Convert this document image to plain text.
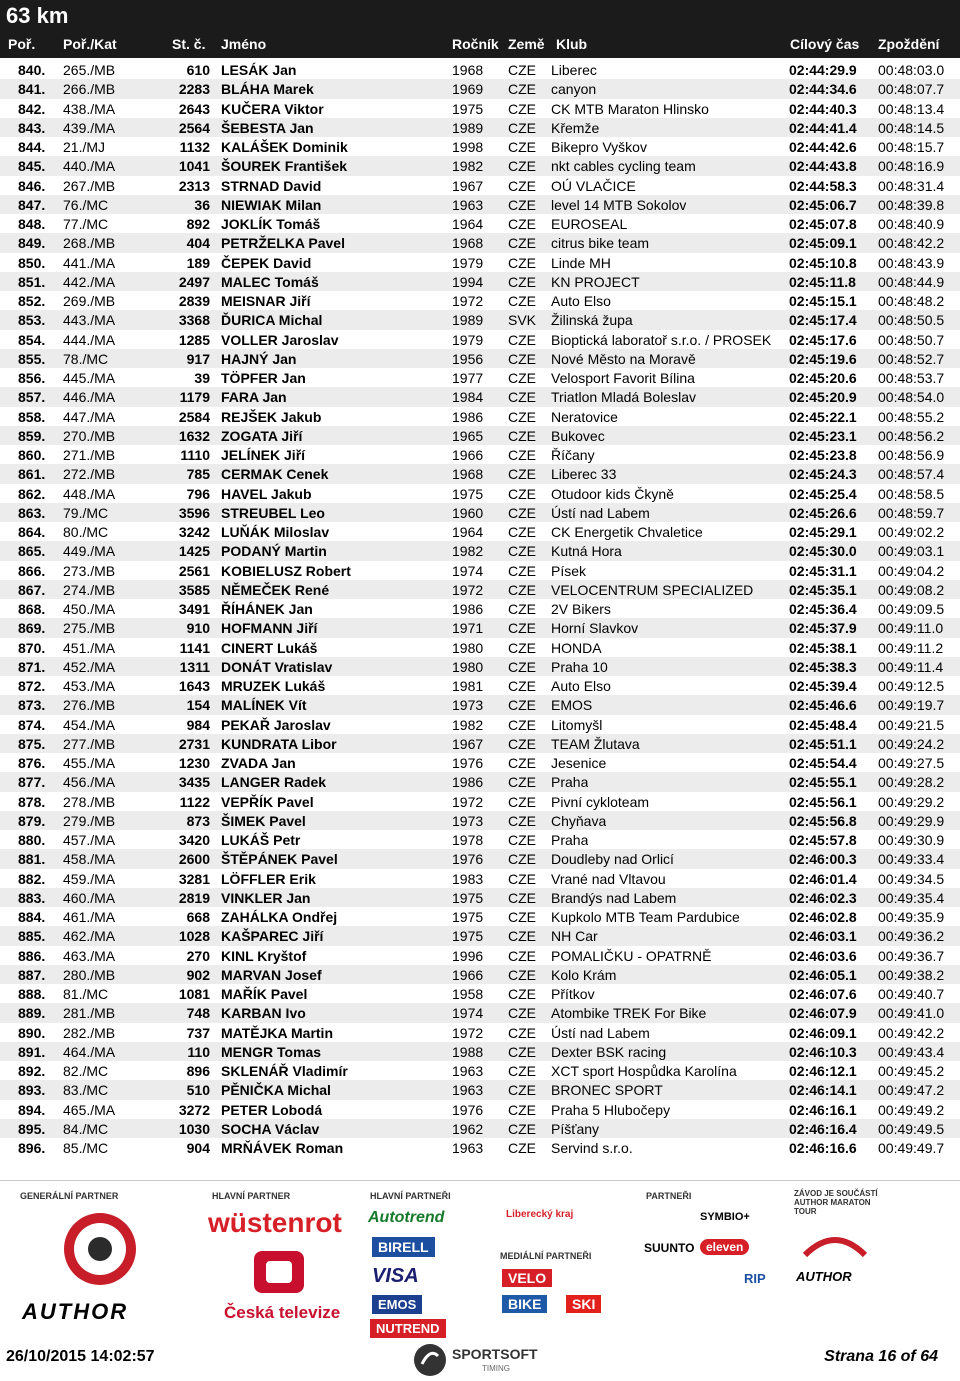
63 km
Poř. Poř./Kat	St. č. Jméno	Ročník Země Klub	Cílový čas Zpoždění
840. 265./MB	610 LESÁK Jan	1968 CZE Liberec	02:44:29.9 00:48:03.0
841. 266./MB	2283 BLÁHA Marek	1969 CZE canyon	02:44:34.6 00:48:07.7
842. 438./MA	2643 KUČERA Viktor	1975 CZE CK MTB Maraton Hlinsko	02:44:40.3 00:48:13.4
843. 439./MA	2564 ŠEBESTA Jan	1989 CZE Křemže	02:44:41.4 00:48:14.5
844. 21./MJ	1132 KALÁŠEK Dominik	1998 CZE Bikepro Vyškov	02:44:42.6 00:48:15.7
845. 440./MA	1041 ŠOUREK František	1982 CZE nkt cables cycling team	02:44:43.8 00:48:16.9
846. 267./MB	2313 STRNAD David	1967 CZE OÚ VLAČICE	02:44:58.3 00:48:31.4
847. 76./MC	36 NIEWIAK Milan	1963 CZE level 14 MTB Sokolov	02:45:06.7 00:48:39.8
848. 77./MC	892 JOKLÍK Tomáš	1964 CZE EUROSEAL	02:45:07.8 00:48:40.9
849. 268./MB	404 PETRŽELKA Pavel	1968 CZE citrus bike team	02:45:09.1 00:48:42.2
850. 441./MA	189 ČEPEK David	1979 CZE Linde MH	02:45:10.8 00:48:43.9
851. 442./MA	2497 MALEC Tomáš	1994 CZE KN PROJECT	02:45:11.8 00:48:44.9
852. 269./MB	2839 MEISNAR Jiří	1972 CZE Auto Elso	02:45:15.1 00:48:48.2
853. 443./MA	3368 ĎURICA Michal	1989 SVK Žilinská župa	02:45:17.4 00:48:50.5
854. 444./MA	1285 VOLLER Jaroslav	1979 CZE Bioptická laboratoř s.r.o. / PROSEK 02:45:17.6 00:48:50.7
855. 78./MC	917 HAJNÝ Jan	1956 CZE Nové Město na Moravě	02:45:19.6 00:48:52.7
856. 445./MA	39 TÖPFER Jan	1977 CZE Velosport Favorit Bílina	02:45:20.6 00:48:53.7
857. 446./MA	1179 FARA Jan	1984 CZE Triatlon Mladá Boleslav	02:45:20.9 00:48:54.0
858. 447./MA	2584 REJŠEK Jakub	1986 CZE Neratovice	02:45:22.1 00:48:55.2
859. 270./MB	1632 ZOGATA Jiří	1965 CZE Bukovec	02:45:23.1 00:48:56.2
860. 271./MB	1110 JELÍNEK Jiří	1966 CZE Říčany	02:45:23.8 00:48:56.9
861. 272./MB	785 CERMAK Cenek	1968 CZE Liberec 33	02:45:24.3 00:48:57.4
862. 448./MA	796 HAVEL Jakub	1975 CZE Otudoor kids Čkyně	02:45:25.4 00:48:58.5
863. 79./MC	3596 STREUBEL Leo	1960 CZE Ústí nad Labem	02:45:26.6 00:48:59.7
864. 80./MC	3242 LUŇÁK Miloslav	1964 CZE CK Energetik Chvaletice	02:45:29.1 00:49:02.2
865. 449./MA	1425 PODANÝ Martin	1982 CZE Kutná Hora	02:45:30.0 00:49:03.1
866. 273./MB	2561 KOBIELUSZ Robert	1974 CZE Písek	02:45:31.1 00:49:04.2
867. 274./MB	3585 NĚMEČEK René	1972 CZE VELOCENTRUM SPECIALIZED	02:45:35.1 00:49:08.2
868. 450./MA	3491 ŘÍHÁNEK Jan	1986 CZE 2V Bikers	02:45:36.4 00:49:09.5
869. 275./MB	910 HOFMANN Jiří	1971 CZE Horní Slavkov	02:45:37.9 00:49:11.0
870. 451./MA	1141 CINERT Lukáš	1980 CZE HONDA	02:45:38.1 00:49:11.2
871. 452./MA	1311 DONÁT Vratislav	1980 CZE Praha 10	02:45:38.3 00:49:11.4
872. 453./MA	1643 MRUZEK Lukáš	1981 CZE Auto Elso	02:45:39.4 00:49:12.5
873. 276./MB	154 MALÍNEK Vít	1973 CZE EMOS	02:45:46.6 00:49:19.7
874. 454./MA	984 PEKAŘ Jaroslav	1982 CZE Litomyšl	02:45:48.4 00:49:21.5
875. 277./MB	2731 KUNDRATA Libor	1967 CZE TEAM Žlutava	02:45:51.1 00:49:24.2
876. 455./MA	1230 ZVADA Jan	1976 CZE Jesenice	02:45:54.4 00:49:27.5
877. 456./MA	3435 LANGER Radek	1986 CZE Praha	02:45:55.1 00:49:28.2
878. 278./MB	1122 VEPŘÍK Pavel	1972 CZE Pivní cykloteam	02:45:56.1 00:49:29.2
879. 279./MB	873 ŠIMEK Pavel	1973 CZE Chyňava	02:45:56.8 00:49:29.9
880. 457./MA	3420 LUKÁŠ Petr	1978 CZE Praha	02:45:57.8 00:49:30.9
881. 458./MA	2600 ŠTĚPÁNEK Pavel	1976 CZE Doudleby nad Orlicí	02:46:00.3 00:49:33.4
882. 459./MA	3281 LÖFFLER Erik	1983 CZE Vrané nad Vltavou	02:46:01.4 00:49:34.5
883. 460./MA	2819 VINKLER Jan	1975 CZE Brandýs nad Labem	02:46:02.3 00:49:35.4
884. 461./MA	668 ZAHÁLKA Ondřej	1975 CZE Kupkolo MTB Team Pardubice	02:46:02.8 00:49:35.9
885. 462./MA	1028 KAŠPAREC Jiří	1975 CZE NH Car	02:46:03.1 00:49:36.2
886. 463./MA	270 KINL Kryštof	1996 CZE POMALIČKU - OPATRNĚ	02:46:03.6 00:49:36.7
887. 280./MB	902 MARVAN Josef	1966 CZE Kolo Krám	02:46:05.1 00:49:38.2
888. 81./MC	1081 MAŘÍK Pavel	1958 CZE Přítkov	02:46:07.6 00:49:40.7
889. 281./MB	748 KARBAN Ivo	1974 CZE Atombike TREK For Bike	02:46:07.9 00:49:41.0
890. 282./MB	737 MATĚJKA Martin	1972 CZE Ústí nad Labem	02:46:09.1 00:49:42.2
891. 464./MA	110 MENGR Tomas	1988 CZE Dexter BSK racing	02:46:10.3 00:49:43.4
892. 82./MC	896 SKLENÁŘ Vladimír	1963 CZE XCT sport Hospůdka Karolína	02:46:12.1 00:49:45.2
893. 83./MC	510 PĚNIČKA Michal	1963 CZE BRONEC SPORT	02:46:14.1 00:49:47.2
894. 465./MA	3272 PETER Lobodá	1976 CZE Praha 5 Hlubočepy	02:46:16.1 00:49:49.2
895. 84./MC	1030 SOCHA Václav	1962 CZE Píšťany	02:46:16.4 00:49:49.5
896. 85./MC	904 MRŇÁVEK Roman	1963 CZE Servind s.r.o.	02:46:16.6 00:49:49.7
GENERÁLNÍ PARTNER
AUTHOR
HLAVNÍ PARTNER
wüstenrot
Česká televize
HLAVNÍ PARTNEŘI
Autotrend
BIRELL
VISA
EMOS
NUTREND
Liberecký kraj
MEDIÁLNÍ PARTNEŘI
VELO
BIKE	SKI
PARTNEŘI
SYMBIO+
SUUNTO eleven
RIP
ZÁVOD JE SOUČÁSTÍ AUTHOR MARATON TOUR
AUTHOR
26/10/2015 14:02:57	SPORTSOFT
TIMING
Strana 16 of 64
